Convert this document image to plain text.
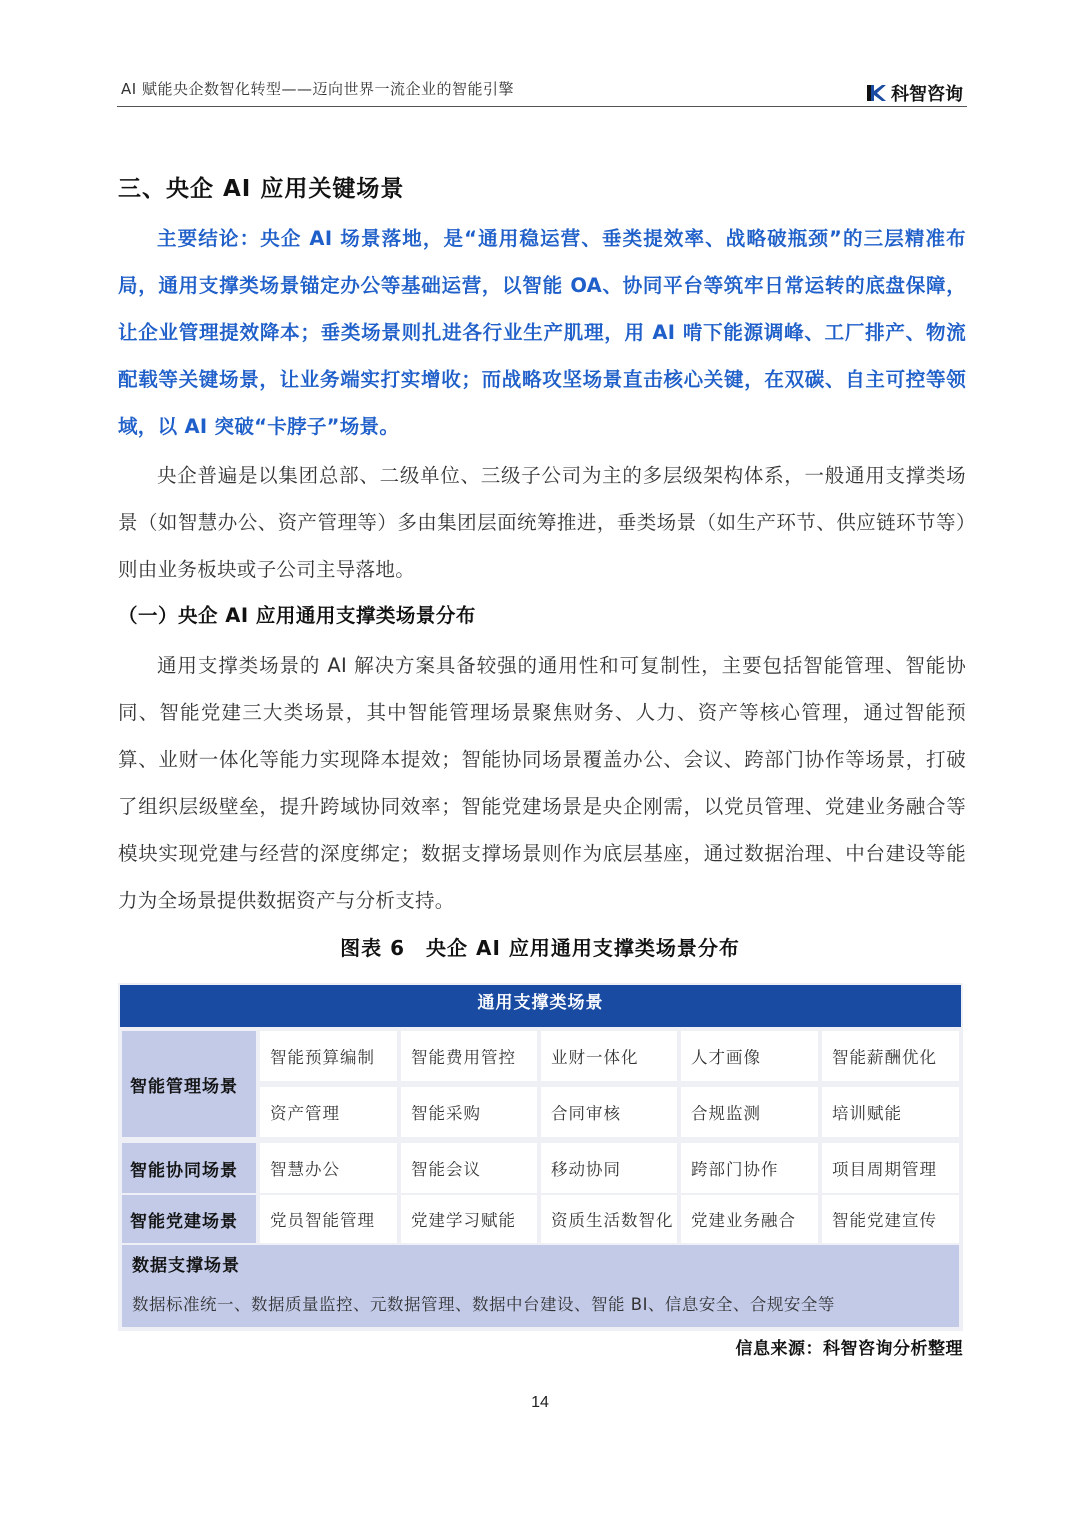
AI 赋能央企数智化转型——迈向世界一流企业的智能引擎	科智咨询
三、央企 AI 应用关键场景

主要结论：央企 AI 场景落地，是“通用稳运营、垂类提效率、战略破瓶颈”的三层精准布局，通用支撑类场景锚定办公等基础运营，以智能 OA、协同平台等筑牢日常运转的底盘保障，让企业管理提效降本；垂类场景则扎进各行业生产肌理，用 AI 啃下能源调峰、工厂排产、物流配载等关键场景，让业务端实打实增收；而战略攻坚场景直击核心关键，在双碳、自主可控等领域，以 AI 突破“卡脖子”场景。

央企普遍是以集团总部、二级单位、三级子公司为主的多层级架构体系，一般通用支撑类场景（如智慧办公、资产管理等）多由集团层面统筹推进，垂类场景（如生产环节、供应链环节等）则由业务板块或子公司主导落地。

（一）央企 AI 应用通用支撑类场景分布

通用支撑类场景的 AI 解决方案具备较强的通用性和可复制性，主要包括智能管理、智能协同、智能党建三大类场景，其中智能管理场景聚焦财务、人力、资产等核心管理，通过智能预算、业财一体化等能力实现降本提效；智能协同场景覆盖办公、会议、跨部门协作等场景，打破了组织层级壁垒，提升跨域协同效率；智能党建场景是央企刚需，以党员管理、党建业务融合等模块实现党建与经营的深度绑定；数据支撑场景则作为底层基座，通过数据治理、中台建设等能力为全场景提供数据资产与分析支持。

图表 6　央企 AI 应用通用支撑类场景分布
通用支撑类场景
智能管理场景
智能预算编制	智能费用管控	业财一体化	人才画像	智能薪酬优化
资产管理	智能采购	合同审核	合规监测	培训赋能
智能协同场景	智慧办公	智能会议	移动协同	跨部门协作	项目周期管理
智能党建场景	党员智能管理	党建学习赋能	资质生活数智化	党建业务融合	智能党建宣传
数据支撑场景
数据标准统一、数据质量监控、元数据管理、数据中台建设、智能 BI、信息安全、合规安全等
信息来源：科智咨询分析整理
14
